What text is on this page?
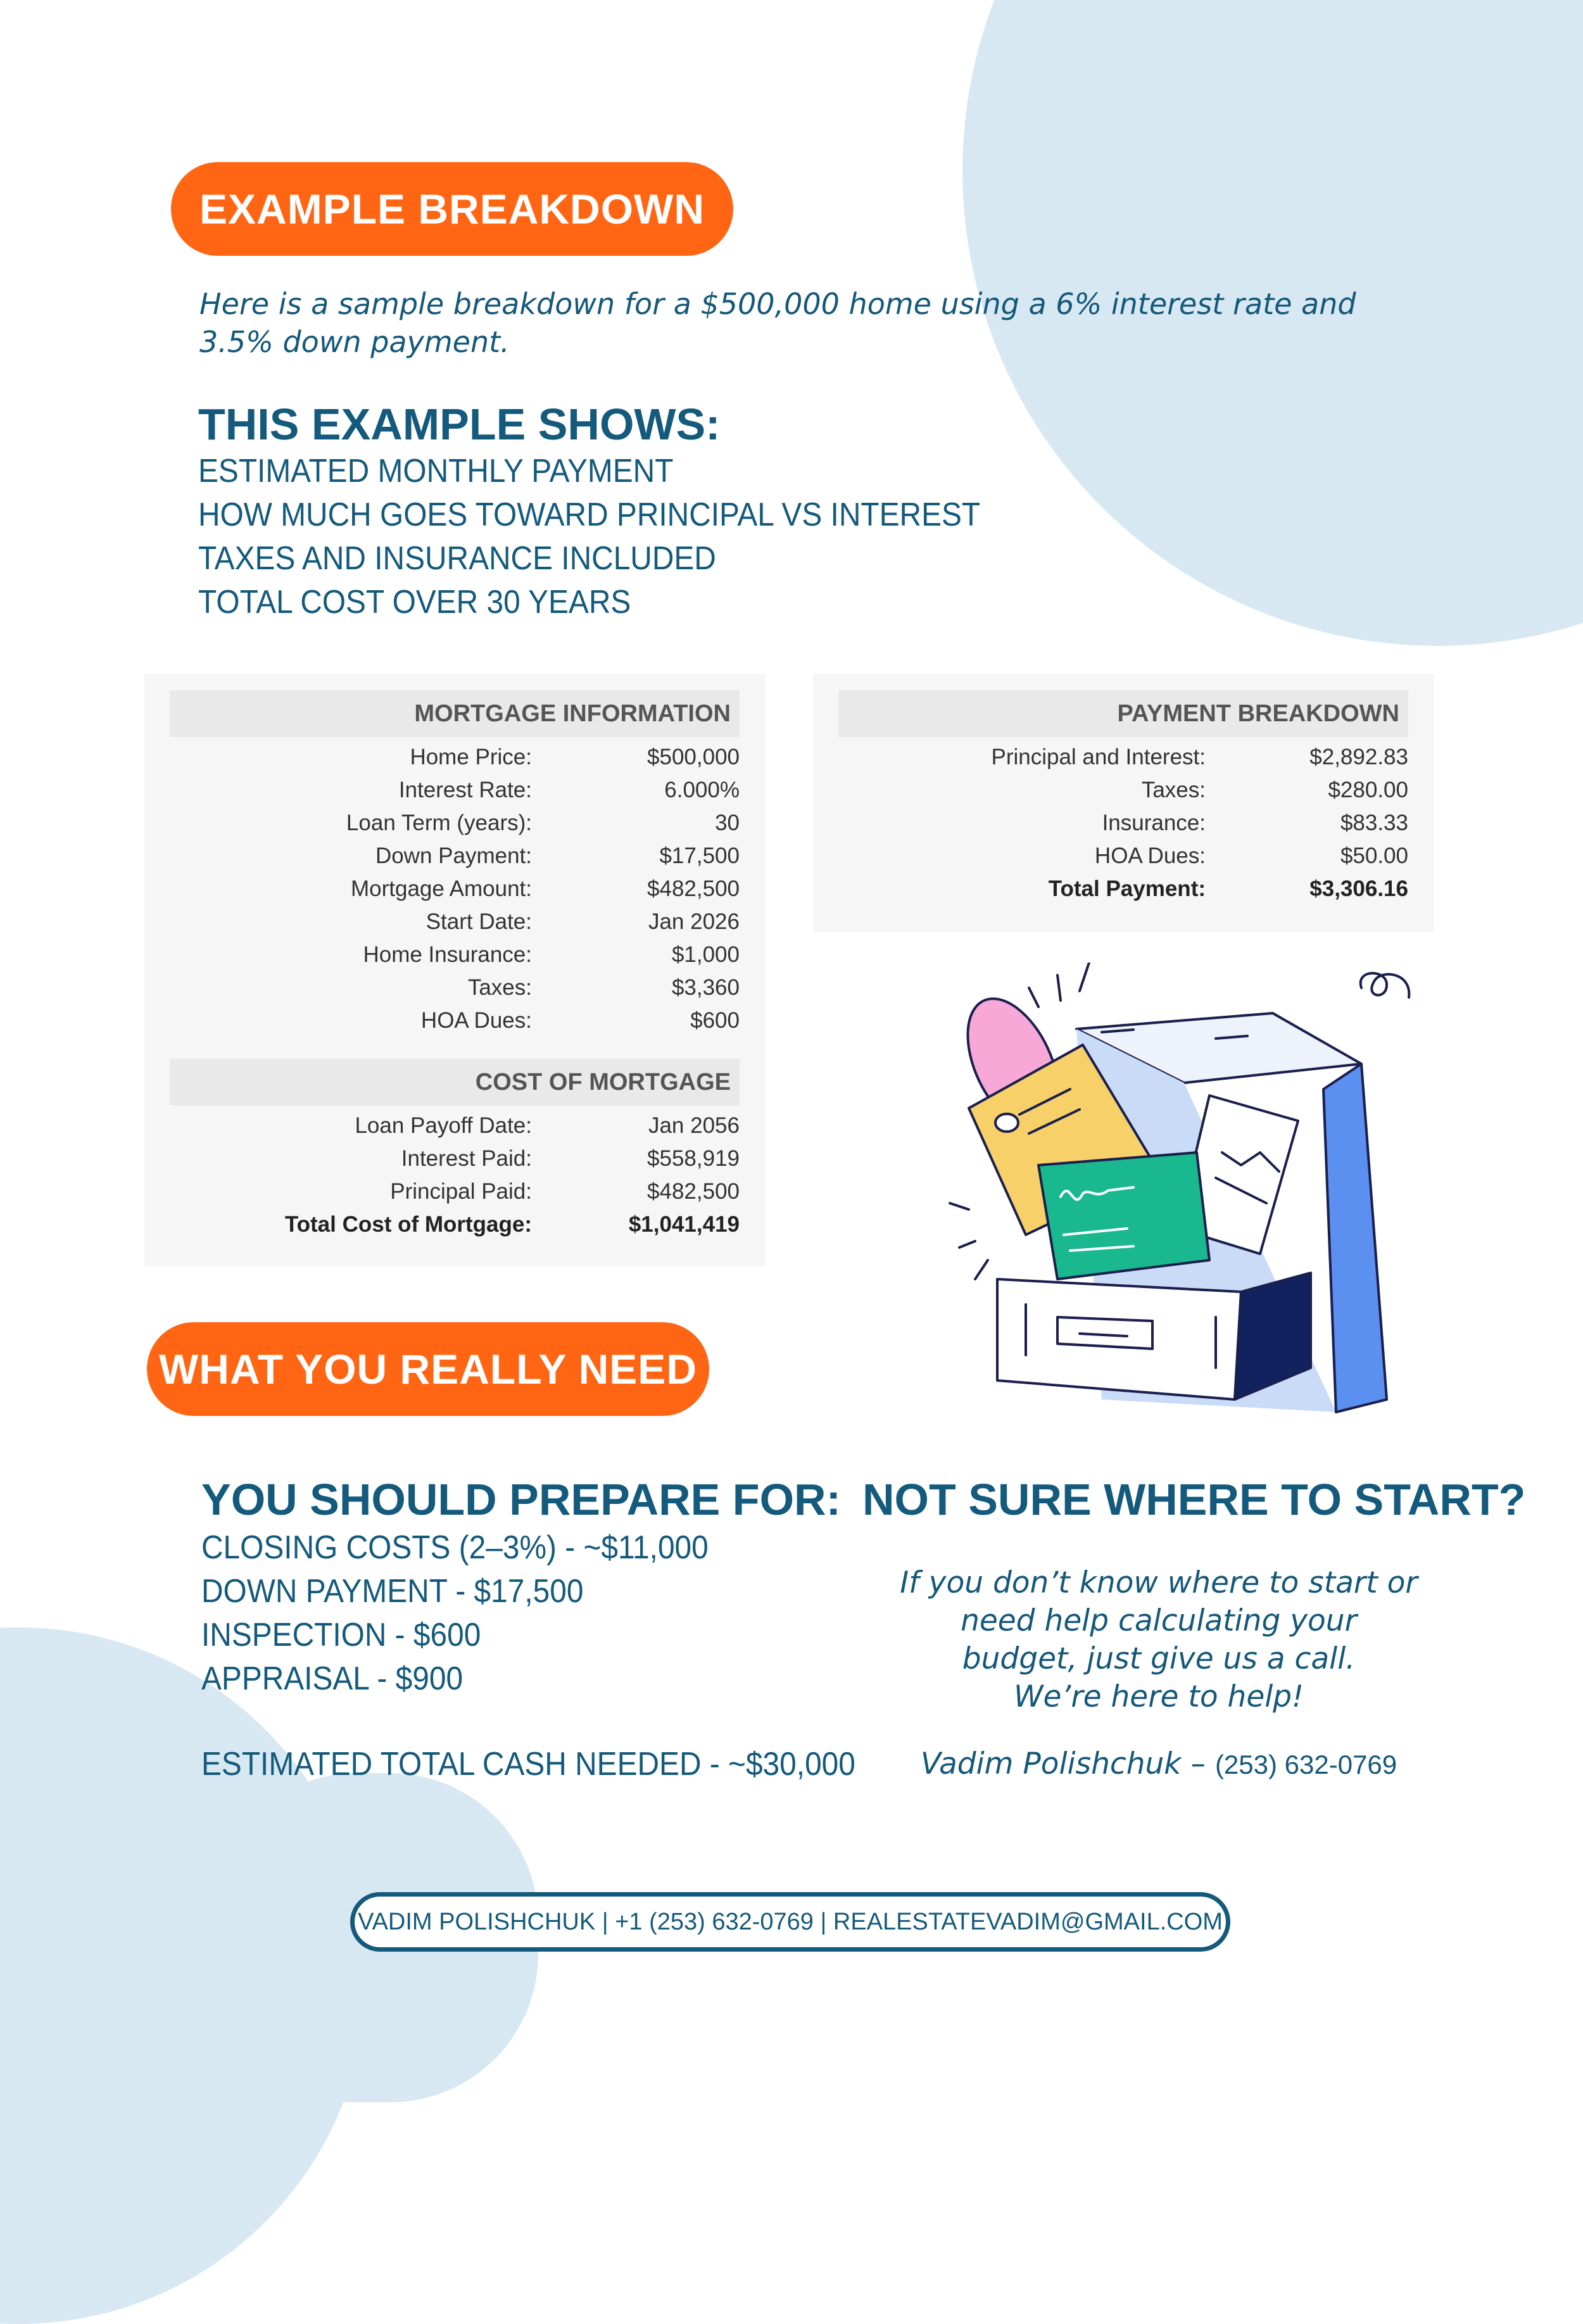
EXAMPLE BREAKDOWN

Here is a sample breakdown for a $500,000 home using a 6% interest rate and 3.5% down payment.

THIS EXAMPLE SHOWS:
ESTIMATED MONTHLY PAYMENT
HOW MUCH GOES TOWARD PRINCIPAL VS INTEREST
TAXES AND INSURANCE INCLUDED
TOTAL COST OVER 30 YEARS
MORTGAGE INFORMATION
Home Price:	$500,000
Interest Rate:	6.000%
Loan Term (years):	30
Down Payment:	$17,500
Mortgage Amount:	$482,500
Start Date:	Jan 2026
Home Insurance:	$1,000
Taxes:	$3,360
HOA Dues:	$600
COST OF MORTGAGE
Loan Payoff Date:	Jan 2056
Interest Paid:	$558,919
Principal Paid:	$482,500
Total Cost of Mortgage:	$1,041,419
PAYMENT BREAKDOWN
Principal and Interest:	$2,892.83
Taxes:	$280.00
Insurance:	$83.33
HOA Dues:	$50.00
Total Payment:	$3,306.16
WHAT YOU REALLY NEED
YOU SHOULD PREPARE FOR:
CLOSING COSTS (2–3%) - ~$11,000
DOWN PAYMENT - $17,500
INSPECTION - $600
APPRAISAL - $900
ESTIMATED TOTAL CASH NEEDED - ~$30,000
NOT SURE WHERE TO START?

If you don’t know where to start or
need help calculating your
budget, just give us a call.
We’re here to help!

Vadim Polishchuk – (253) 632-0769
VADIM POLISHCHUK | +1 (253) 632-0769 | REALESTATEVADIM@GMAIL.COM
